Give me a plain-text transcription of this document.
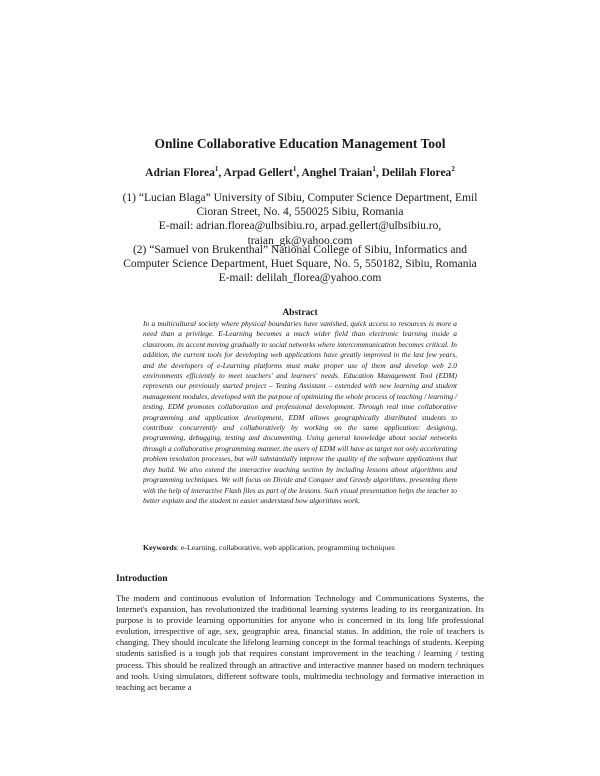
Online Collaborative Education Management Tool
Adrian Florea$^1$, Arpad Gellert$^1$, Anghel Traian$^1$, Delilah Florea$^2$
(1) “Lucian Blaga” University of Sibiu, Computer Science Department, Emil
Cioran Street, No. 4, 550025 Sibiu, Romania
E-mail: adrian.florea@ulbsibiu.ro, arpad.gellert@ulbsibiu.ro,
traian_gk@yahoo.com
(2) “Samuel von Brukenthal” National College of Sibiu, Informatics and
Computer Science Department, Huet Square, No. 5, 550182, Sibiu, Romania
E-mail: delilah_florea@yahoo.com
Abstract
In a multicultural society where physical boundaries have vanished, quick access to resources is more a need than a privilege. E-Learning becomes a much wider field than electronic learning inside a classroom, its accent moving gradually to social networks where intercommunication becomes critical. In addition, the current tools for developing web applications have greatly improved in the last few years, and the developers of e-Learning platforms must make proper use of them and develop web 2.0 environments efficiently to meet teachers' and learners' needs. Education Management Tool (EDM) represents our previously started project – Testing Assistant – extended with new learning and student management modules, developed with the purpose of optimizing the whole process of teaching / learning / testing. EDM promotes collaboration and professional development. Through real time collaborative programming and application development, EDM allows geographically distributed students to contribute concurrently and collaboratively by working on the same application: designing, programming, debugging, testing and documenting. Using general knowledge about social networks through a collaborative programming manner, the users of EDM will have as target not only accelerating problem resolution processes, but will substantially improve the quality of the software applications that they build. We also extend the interactive teaching section by including lessons about algorithms and programming techniques. We will focus on Divide and Conquer and Greedy algorithms, presenting them with the help of interactive Flash files as part of the lessons. Such visual presentation helps the teacher to better explain and the student to easier understand how algorithms work.
Keywords: e-Learning, collaborative, web application, programming techniques
Introduction
The modern and continuous evolution of Information Technology and Communications Systems, the Internet's expansion, has revolutionized the traditional learning systems leading to its reorganization. Its purpose is to provide learning opportunities for anyone who is concerned in its long life professional evolution, irrespective of age, sex, geographic area, financial status. In addition, the role of teachers is changing. They should inculcate the lifelong learning concept in the formal teachings of students. Keeping students satisfied is a tough job that requires constant improvement in the teaching / learning / testing process. This should be realized through an attractive and interactive manner based on modern techniques and tools. Using simulators, different software tools, multimedia technology and formative interaction in teaching act became a
